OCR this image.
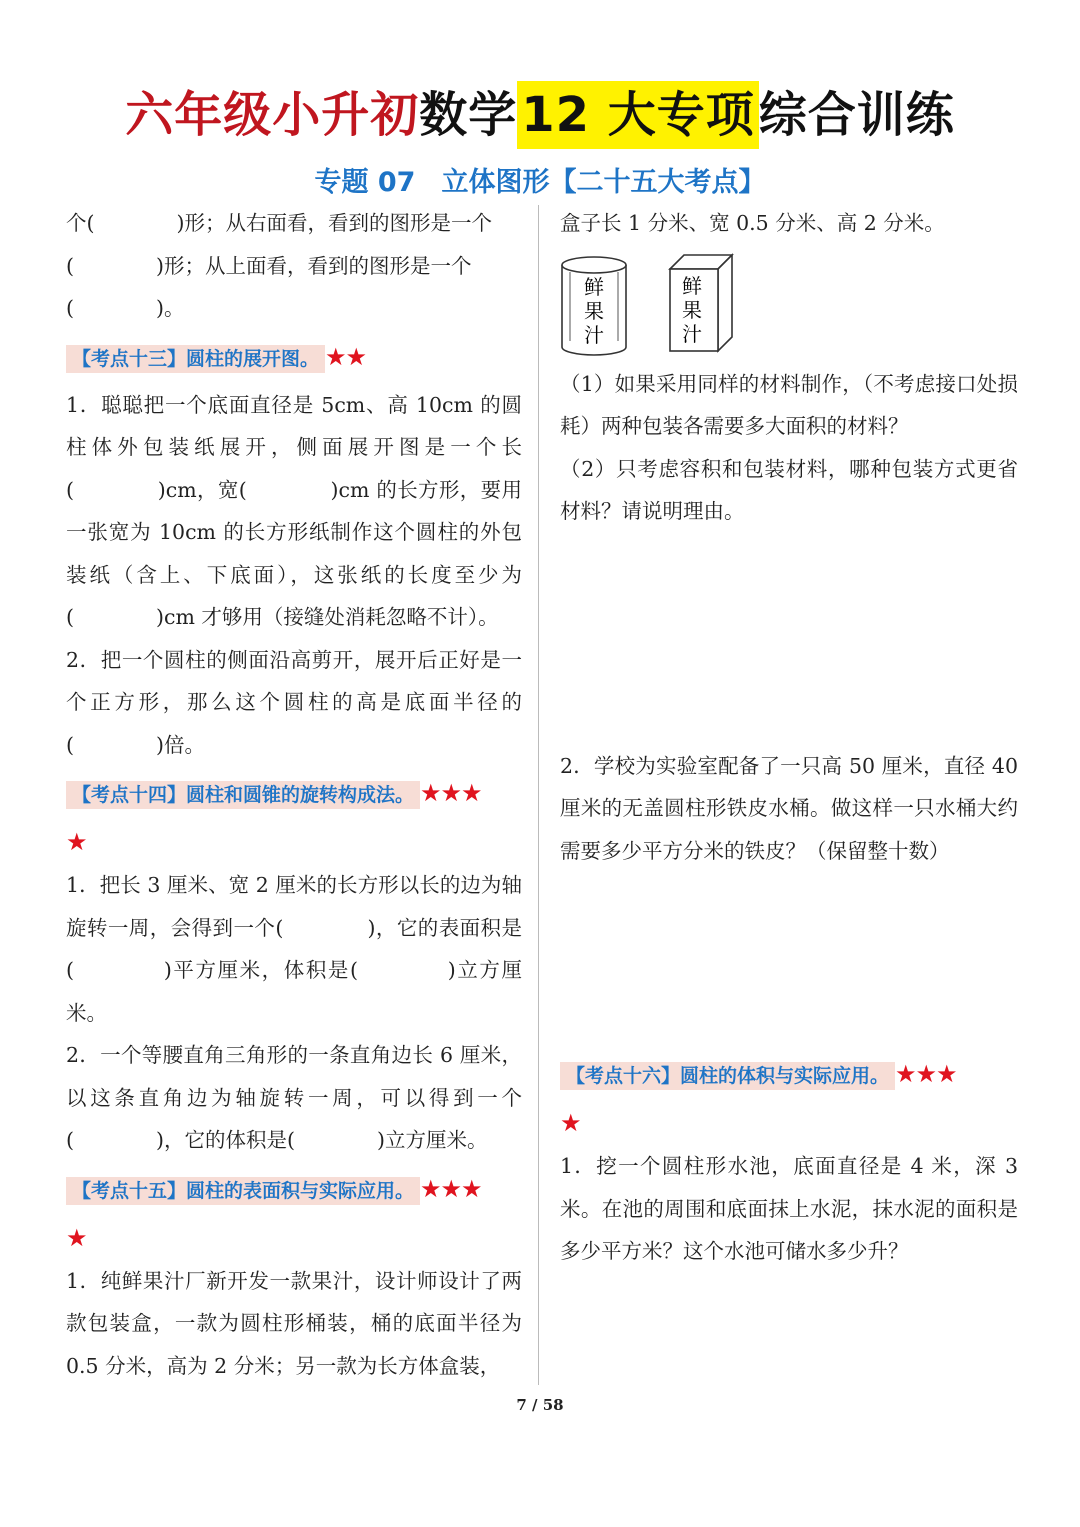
六年级小升初数学12 大专项综合训练
专题 07 立体图形【二十五大考点】

个(　　　　)形；从右面看，看到的图形是一个

(　　　　)形；从上面看，看到的图形是一个

(　　　　)。

【考点十三】圆柱的展开图。 ★★

1．聪聪把一个底面直径是 5cm、高 10cm 的圆柱体外包装纸展开，侧面展开图是一个长(　　　　)cm，宽(　　　　)cm 的长方形，要用一张宽为 10cm 的长方形纸制作这个圆柱的外包装纸（含上、下底面），这张纸的长度至少为(　　　　)cm 才够用（接缝处消耗忽略不计）。

2．把一个圆柱的侧面沿高剪开，展开后正好是一个正方形，那么这个圆柱的高是底面半径的(　　　　)倍。

【考点十四】圆柱和圆锥的旋转构成法。 ★★★
★

1．把长 3 厘米、宽 2 厘米的长方形以长的边为轴旋转一周，会得到一个(　　　　)，它的表面积是(　　　　)平方厘米，体积是(　　　　)立方厘米。

2．一个等腰直角三角形的一条直角边长 6 厘米，以这条直角边为轴旋转一周，可以得到一个(　　　　)，它的体积是(　　　　)立方厘米。

【考点十五】圆柱的表面积与实际应用。 ★★★
★

1．纯鲜果汁厂新开发一款果汁，设计师设计了两款包装盒，一款为圆柱形桶装，桶的底面半径为 0.5 分米，高为 2 分米；另一款为长方体盒装，

盒子长 1 分米、宽 0.5 分米、高 2 分米。

鲜
果
汁
鲜
果
汁

（1）如果采用同样的材料制作，（不考虑接口处损耗）两种包装各需要多大面积的材料？

（2）只考虑容积和包装材料，哪种包装方式更省材料？请说明理由。

2．学校为实验室配备了一只高 50 厘米，直径 40 厘米的无盖圆柱形铁皮水桶。做这样一只水桶大约需要多少平方分米的铁皮？（保留整十数）

【考点十六】圆柱的体积与实际应用。 ★★★
★

1．挖一个圆柱形水池，底面直径是 4 米，深 3 米。在池的周围和底面抹上水泥，抹水泥的面积是多少平方米？这个水池可储水多少升？

7 / 58
